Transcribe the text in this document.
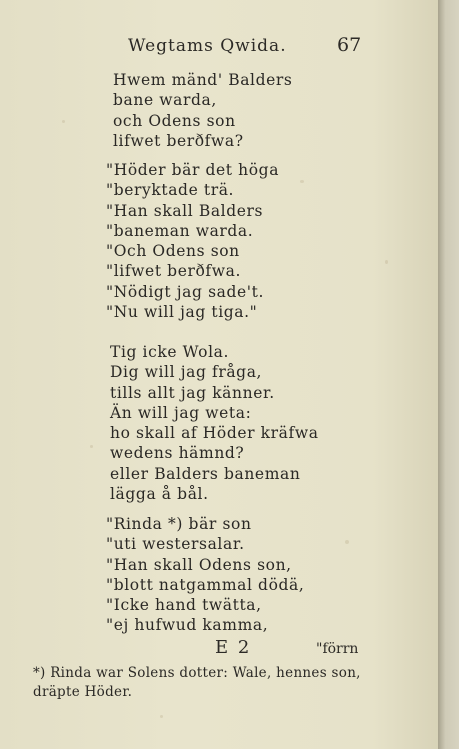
Wegtams Qwida.	67
Hwem mänd' Balders
bane warda,
och Odens son
lifwet berðfwa?
"Höder bär det höga
"beryktade trä.
"Han skall Balders
"baneman warda.
"Och Odens son
"lifwet berðfwa.
"Nödigt jag sade't.
"Nu will jag tiga."
Tig icke Wola.
Dig will jag fråga,
tills allt jag känner.
Än will jag weta:
ho skall af Höder kräfwa
wedens hämnd?
eller Balders baneman
lägga å bål.
"Rinda *) bär son
"uti westersalar.
"Han skall Odens son,
"blott natgammal dödä,
"Icke hand twätta,
"ej hufwud kamma,
E 2	"förrn
*) Rinda war Solens dotter: Wale, hennes son,
dräpte Höder.
